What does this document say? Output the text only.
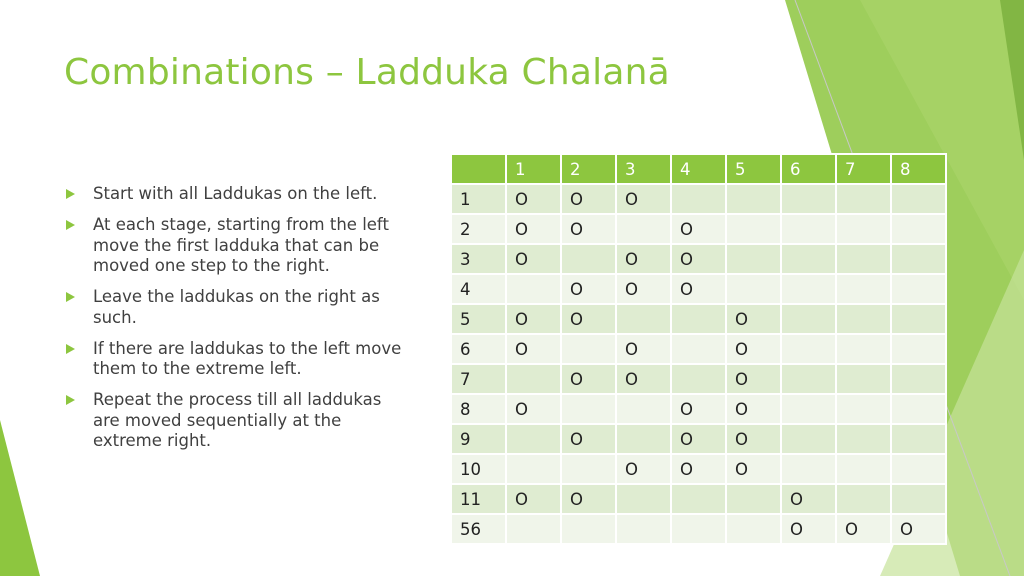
Combinations – Ladduka Chalanā
Start with all Laddukas on the left.
At each stage, starting from the left move the first ladduka that can be moved one step to the right.
Leave the laddukas on the right as such.
If there are laddukas to the left move them to the extreme left.
Repeat the process till all laddukas are moved sequentially at the extreme right.
	1	2	3	4	5	6	7	8
1	O	O	O					
2	O	O		O				
3	O		O	O				
4		O	O	O				
5	O	O			O			
6	O		O		O			
7		O	O		O			
8	O			O	O			
9		O		O	O			
10			O	O	O			
11	O	O				O		
56						O	O	O
